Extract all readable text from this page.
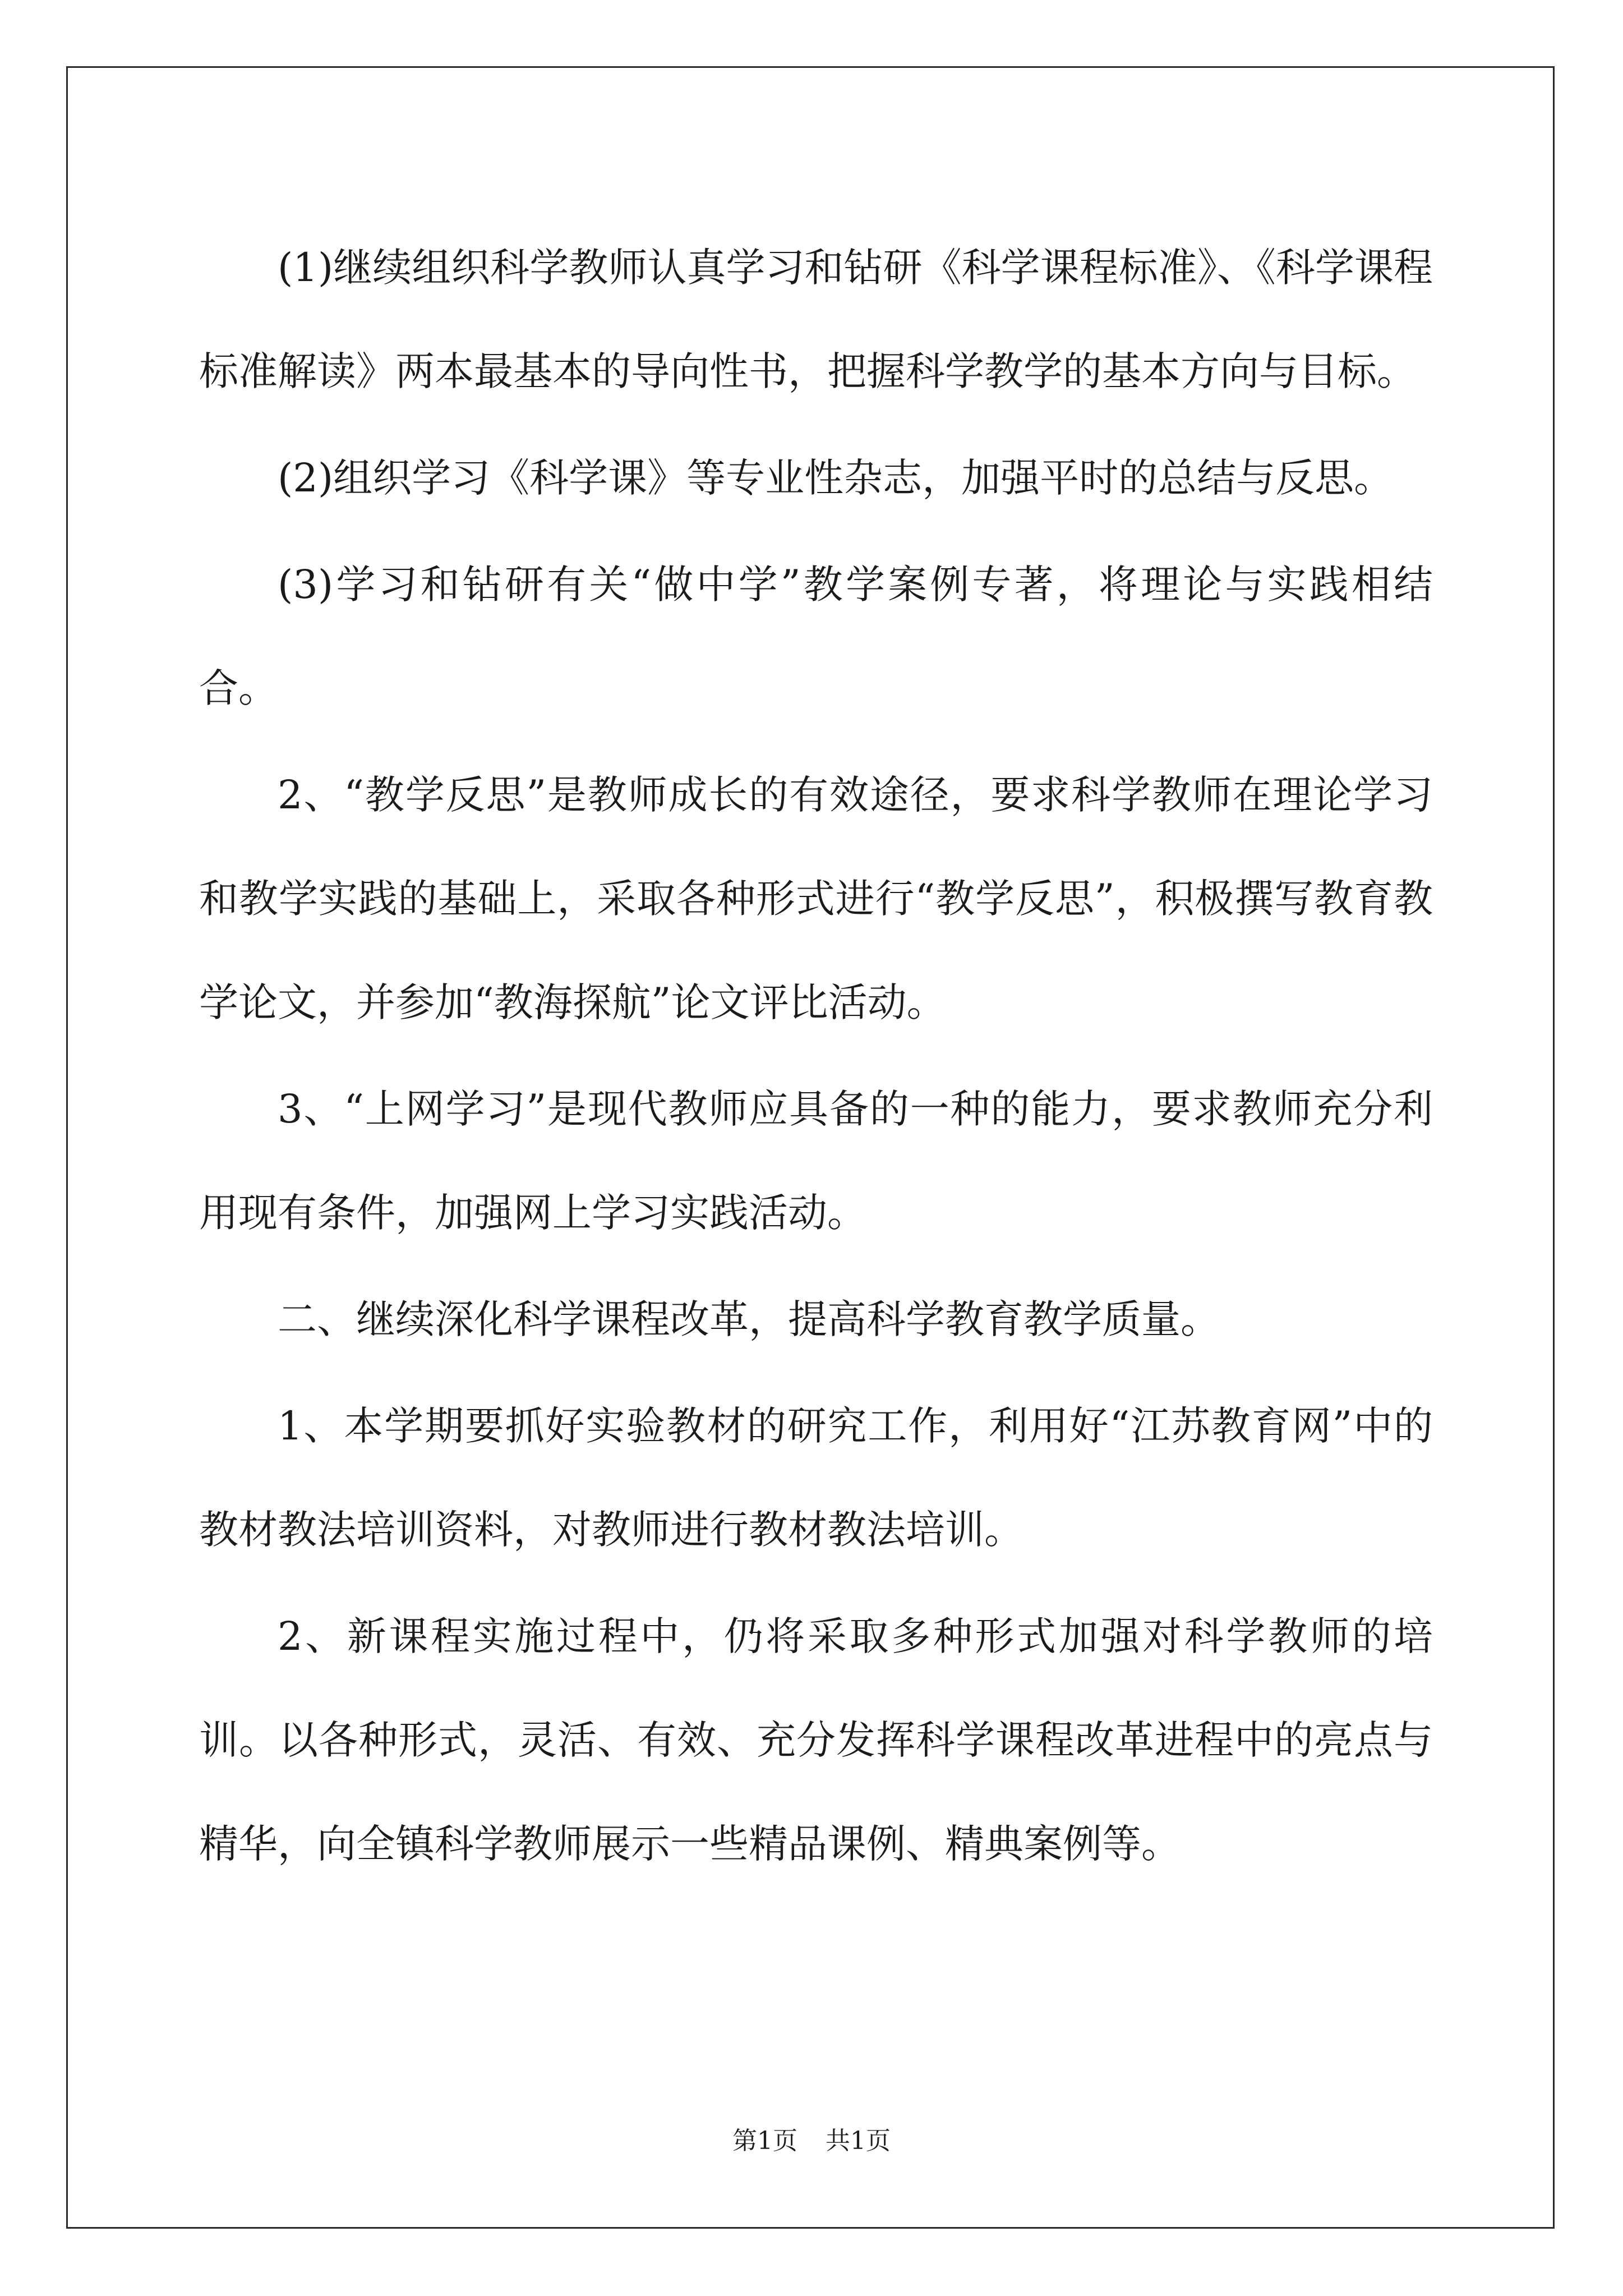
(1)继续组织科学教师认真学习和钻研《科学课程标准》、《科学课程标准解读》两本最基本的导向性书，把握科学教学的基本方向与目标。

(2)组织学习《科学课》等专业性杂志，加强平时的总结与反思。

(3)学习和钻研有关“做中学”教学案例专著，将理论与实践相结合。

2、“教学反思”是教师成长的有效途径，要求科学教师在理论学习和教学实践的基础上，采取各种形式进行“教学反思”，积极撰写教育教学论文，并参加“教海探航”论文评比活动。

3、“上网学习”是现代教师应具备的一种的能力，要求教师充分利用现有条件，加强网上学习实践活动。

二、继续深化科学课程改革，提高科学教育教学质量。

1、本学期要抓好实验教材的研究工作，利用好“江苏教育网”中的教材教法培训资料，对教师进行教材教法培训。

2、新课程实施过程中，仍将采取多种形式加强对科学教师的培训。以各种形式，灵活、有效、充分发挥科学课程改革进程中的亮点与精华，向全镇科学教师展示一些精品课例、精典案例等。

第1页 共1页
